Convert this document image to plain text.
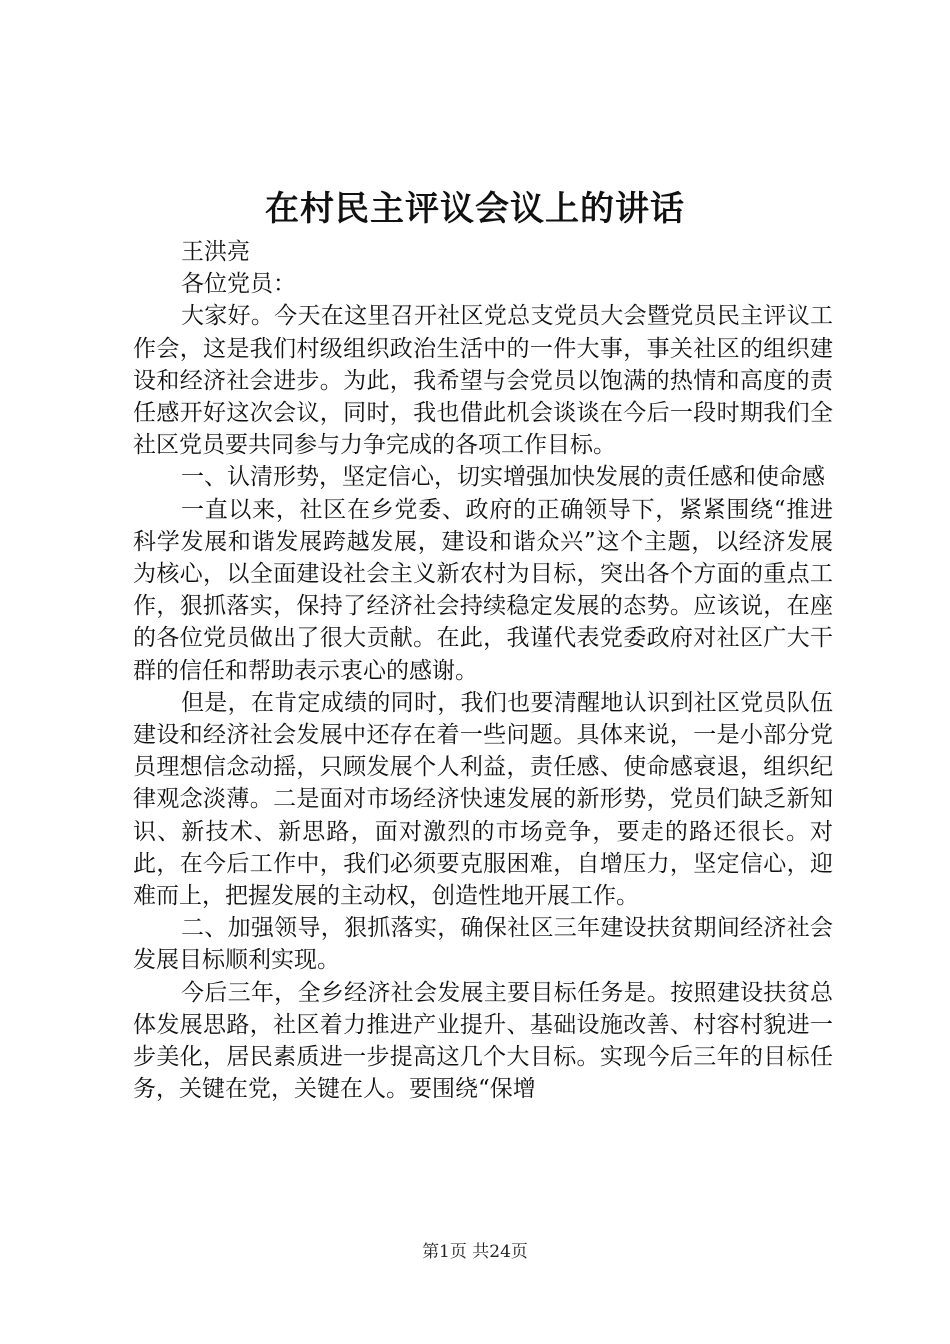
在村民主评议会议上的讲话

王洪亮

各位党员：

大家好。今天在这里召开社区党总支党员大会暨党员民主评议工作会，这是我们村级组织政治生活中的一件大事，事关社区的组织建设和经济社会进步。为此，我希望与会党员以饱满的热情和高度的责任感开好这次会议，同时，我也借此机会谈谈在今后一段时期我们全社区党员要共同参与力争完成的各项工作目标。

一、认清形势，坚定信心，切实增强加快发展的责任感和使命感

一直以来，社区在乡党委、政府的正确领导下，紧紧围绕“推进科学发展和谐发展跨越发展，建设和谐众兴”这个主题，以经济发展为核心，以全面建设社会主义新农村为目标，突出各个方面的重点工作，狠抓落实，保持了经济社会持续稳定发展的态势。应该说，在座的各位党员做出了很大贡献。在此，我谨代表党委政府对社区广大干群的信任和帮助表示衷心的感谢。

但是，在肯定成绩的同时，我们也要清醒地认识到社区党员队伍建设和经济社会发展中还存在着一些问题。具体来说，一是小部分党员理想信念动摇，只顾发展个人利益，责任感、使命感衰退，组织纪律观念淡薄。二是面对市场经济快速发展的新形势，党员们缺乏新知识、新技术、新思路，面对激烈的市场竞争，要走的路还很长。对此，在今后工作中，我们必须要克服困难，自增压力，坚定信心，迎难而上，把握发展的主动权，创造性地开展工作。

二、加强领导，狠抓落实，确保社区三年建设扶贫期间经济社会发展目标顺利实现。

今后三年，全乡经济社会发展主要目标任务是。按照建设扶贫总体发展思路，社区着力推进产业提升、基础设施改善、村容村貌进一步美化，居民素质进一步提高这几个大目标。实现今后三年的目标任务，关键在党，关键在人。要围绕“保增

第1页 共24页
